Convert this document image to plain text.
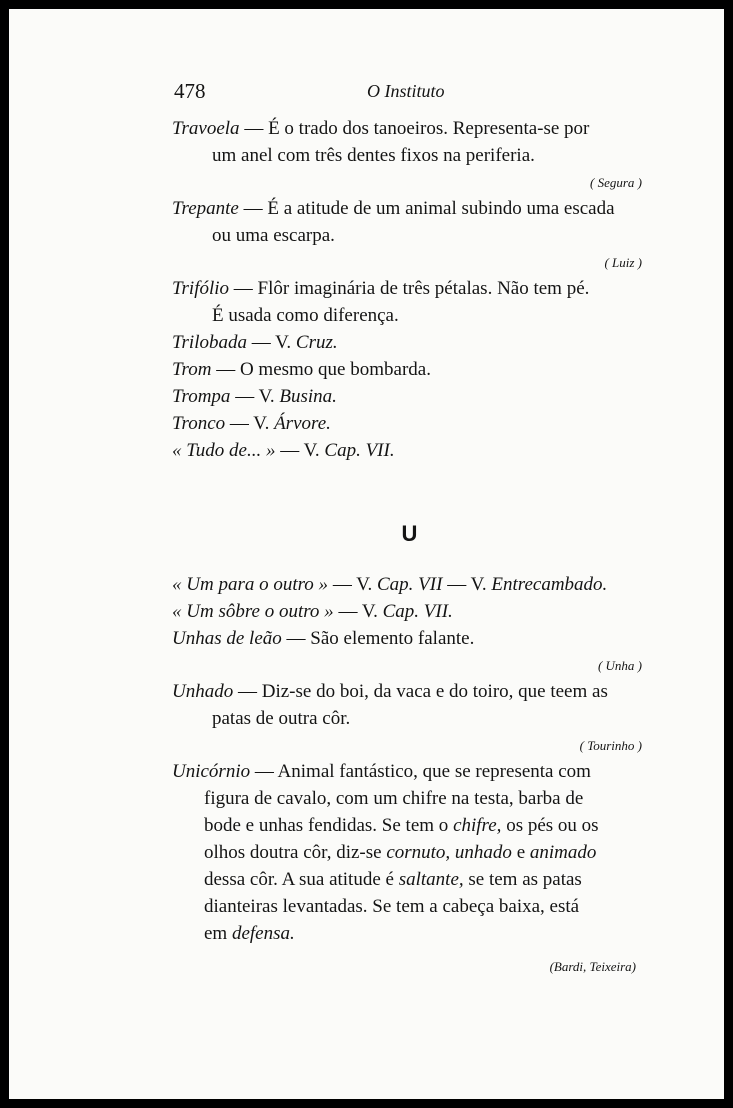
478	O Instituto
Travoela — É o trado dos tanoeiros. Representa-se por
um anel com três dentes fixos na periferia.
( Segura )
Trepante — É a atitude de um animal subindo uma escada
ou uma escarpa.
( Luiz )
Trifólio — Flôr imaginária de três pétalas. Não tem pé.
É usada como diferença.
Trilobada — V. Cruz.
Trom — O mesmo que bombarda.
Trompa — V. Busina.
Tronco — V. Árvore.
« Tudo de... » — V. Cap. VII.
U
« Um para o outro » — V. Cap. VII — V. Entrecambado.
« Um sôbre o outro » — V. Cap. VII.
Unhas de leão — São elemento falante.
( Unha )
Unhado — Diz-se do boi, da vaca e do toiro, que teem as
patas de outra côr.
( Tourinho )
Unicórnio — Animal fantástico, que se representa com
figura de cavalo, com um chifre na testa, barba de
bode e unhas fendidas. Se tem o chifre, os pés ou os
olhos doutra côr, diz-se cornuto, unhado e animado
dessa côr. A sua atitude é saltante, se tem as patas
dianteiras levantadas. Se tem a cabeça baixa, está
em defensa.
(Bardi, Teixeira)
